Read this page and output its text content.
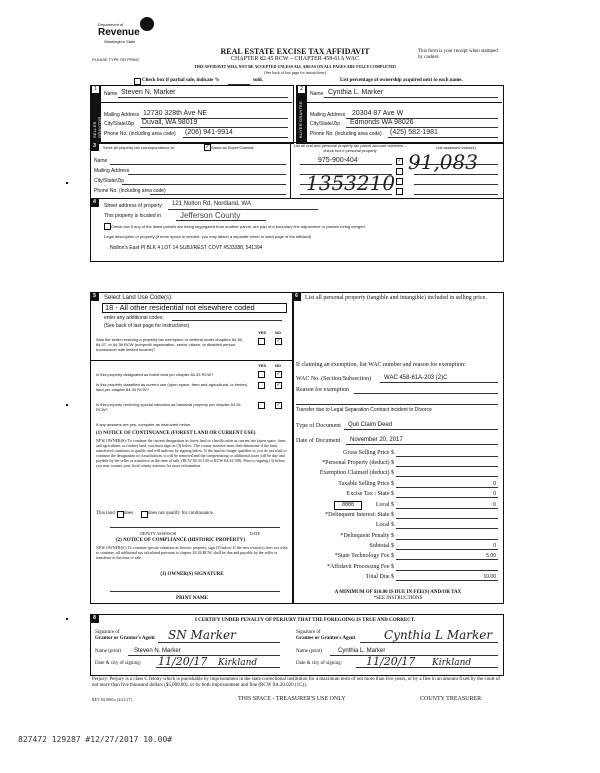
Department of
Revenue
Washington State
PLEASE TYPE OR PRINT
REAL ESTATE EXCISE TAX AFFIDAVIT
CHAPTER 82.45 RCW – CHAPTER 458-61A WAC
THIS AFFIDAVIT WILL NOT BE ACCEPTED UNLESS ALL AREAS ON ALL PAGES ARE FULLY COMPLETED
(See back of last page for instructions)
This form is your receipt when stamped by cashier.
Check box if partial sale, indicate %	sold.	List percentage of ownership acquired next to each name.
1
SELLER GRANTOR
Name Steven N. Marker
Mailing Address 12730 328th Ave NE
City/State/Zip Duvall, WA 98019
Phone No. (including area code) (206) 941-9914
2
BUYER GRANTEE
Name Cynthia L. Marker
Mailing Address 20304 87 Ave W
City/State/Zip Edmonds WA 98026
Phone No. (including area code) (425) 582-1981
3	Send all property tax correspondence to:	✓ Same as Buyer/Grantee
Name
Mailing Address
City/State/Zip
Phone No. (including area code)
List all real and personal property tax parcel account numbers – check box if personal property
List assessed value(s)
975-900-404	✓ 91,083
1353210
4
Street address of property: 121 Nolton Rd, Nordland, WA
This property is located in Jefferson County
Check box if any of the listed parcels are being segregated from another parcel, are part of a boundary line adjustment or parcels being merged.
Legal description of property (if more space is needed, you may attach a separate sheet to each page of the affidavit)
Nolton's East Pl BLK 4 LOT 14 SUBJ/REST COVT #533288, 541394
5	Select Land Use Code(s):
18 - All other residential not elsewhere coded
enter any additional codes:
(See back of last page for instructions)
YES NO
Was the seller receiving a property tax exemption or deferral under chapters 84.36, 84.37, or 84.38 RCW (nonprofit organization, senior citizen, or disabled person, homeowner with limited income)?
✓
YES NO
Is this property designated as forest land per chapter 84.33 RCW?	✓
Is this property classified as current use (open space, farm and agricultural, or timber) land per chapter 84.34 RCW?
✓
Is this property receiving special valuation as historical property per chapter 84.26 RCW?
✓
If any answers are yes, complete as instructed below.
(1) NOTICE OF CONTINUANCE (FOREST LAND OR CURRENT USE)
NEW OWNER(S): To continue the current designation as forest land or classification as current use (open space, farm and agriculture, or timber) land, you must sign on (3) below. The county assessor must then determine if the land transferred continues to qualify and will indicate by signing below. If the land no longer qualifies or you do not wish to continue the designation or classification, it will be removed and the compensating or additional taxes will be due and payable by the seller or transferor at the time of sale. (RCW 84.33.140 or RCW 84.34.108). Prior to signing (3) below, you may contact your local county assessor for more information.
This land does	does not qualify for continuance.
DEPUTY ASSESSOR	DATE
(2) NOTICE OF COMPLIANCE (HISTORIC PROPERTY)
NEW OWNER(S): To continue special valuation as historic property, sign (3) below. If the new owner(s) does not wish to continue, all additional tax calculated pursuant to chapter 84.26 RCW, shall be due and payable by the seller or transferor at the time of sale.
(3) OWNER(S) SIGNATURE
PRINT NAME
6	List all personal property (tangible and intangible) included in selling price.
If claiming an exemption, list WAC number and reason for exemption:
WAC No. (Section/Subsection) WAC 458-61A-203 (2)C
Reason for exemption
Transfer due to Legal Separation Contract incident to Divorce
Type of Document Quit Claim Deed
Date of Document November 20, 2017
Gross Selling Price $
*Personal Property (deduct) $
Exemption Claimed (deduct) $
Taxable Selling Price $	0
Excise Tax : State $	0
0000	Local $	0
*Delinquent Interest: State $
Local $
*Delinquent Penalty $
Subtotal $	0
*State Technology Fee $	5.00
*Affidavit Processing Fee $
Total Due $	10.00
A MINIMUM OF $10.00 IS DUE IN FEE(S) AND/OR TAX
*SEE INSTRUCTIONS
8	I CERTIFY UNDER PENALTY OF PERJURY THAT THE FOREGOING IS TRUE AND CORRECT.
Signature of
Grantor or Grantor's Agent SN Marker	Signature of
Grantee or Grantee's Agent Cynthia L Marker
Name (print) Steven N. Marker	Name (print)	Cynthia L. Marker
Date & city of signing: 11/20/17 Kirkland	Date & city of signing: 11/20/17 Kirkland
Perjury: Perjury is a class C felony which is punishable by imprisonment in the state correctional institution for a maximum term of not more than five years, or by a fine in an amount fixed by the court of not more than five thousand dollars ($5,000.00), or by both imprisonment and fine (RCW 9A.20.020 (1C)).
REV 84 0001a (4/21/17)	THIS SPACE - TREASURER'S USE ONLY	COUNTY TREASURER
827472 129287 #12/27/2017 10.00#
